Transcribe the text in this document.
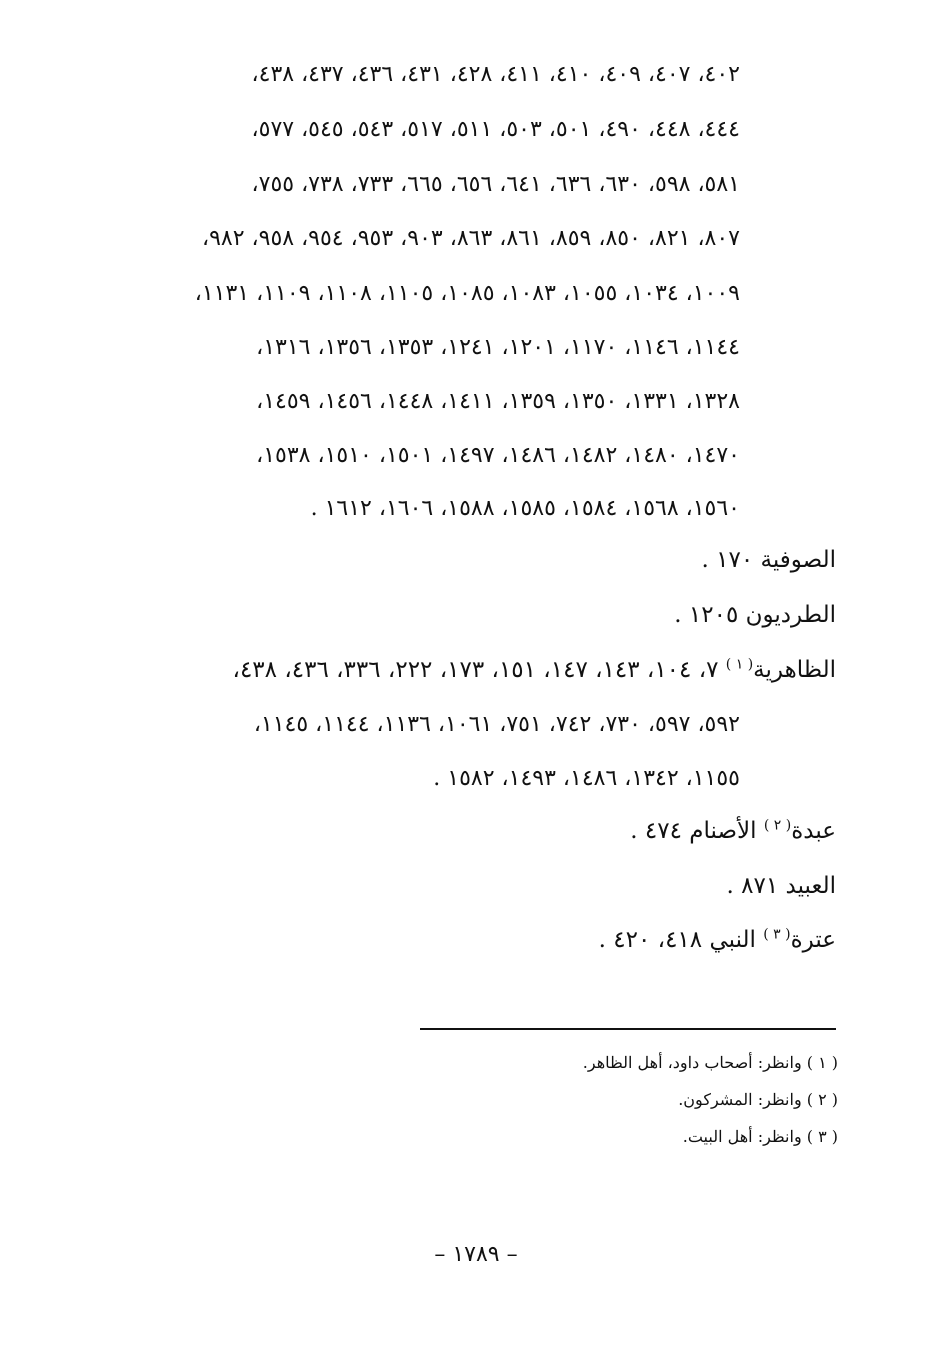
٤٠٢، ٤٠٧، ٤٠٩، ٤١٠، ٤١١، ٤٢٨، ٤٣١، ٤٣٦، ٤٣٧، ٤٣٨،
٤٤٤، ٤٤٨، ٤٩٠، ٥٠١، ٥٠٣، ٥١١، ٥١٧، ٥٤٣، ٥٤٥، ٥٧٧،
٥٨١، ٥٩٨، ٦٣٠، ٦٣٦، ٦٤١، ٦٥٦، ٦٦٥، ٧٣٣، ٧٣٨، ٧٥٥،
٨٠٧، ٨٢١، ٨٥٠، ٨٥٩، ٨٦١، ٨٦٣، ٩٠٣، ٩٥٣، ٩٥٤، ٩٥٨، ٩٨٢،
١٠٠٩، ١٠٣٤، ١٠٥٥، ١٠٨٣، ١٠٨٥، ١١٠٥، ١١٠٨، ١١٠٩، ١١٣١،
١١٤٤، ١١٤٦، ١١٧٠، ١٢٠١، ١٢٤١، ١٣٥٣، ١٣٥٦، ١٣١٦،
١٣٢٨، ١٣٣١، ١٣٥٠، ١٣٥٩، ١٤١١، ١٤٤٨، ١٤٥٦، ١٤٥٩،
١٤٧٠، ١٤٨٠، ١٤٨٢، ١٤٨٦، ١٤٩٧، ١٥٠١، ١٥١٠، ١٥٣٨،
١٥٦٠، ١٥٦٨، ١٥٨٤، ١٥٨٥، ١٥٨٨، ١٦٠٦، ١٦١٢ .
الصوفية ١٧٠ .
الطرديون ١٢٠٥ .
الظاهرية$^{( ١ )}$ ٧، ١٠٤، ١٤٣، ١٤٧، ١٥١، ١٧٣، ٢٢٢، ٣٣٦، ٤٣٦، ٤٣٨،
٥٩٢، ٥٩٧، ٧٣٠، ٧٤٢، ٧٥١، ١٠٦١، ١١٣٦، ١١٤٤، ١١٤٥،
١١٥٥، ١٣٤٢، ١٤٨٦، ١٤٩٣، ١٥٨٢ .
عبدة$^{( ٢ )}$ الأصنام ٤٧٤ .
العبيد ٨٧١ .
عترة$^{( ٣ )}$ النبي ٤١٨، ٤٢٠ .
( ١ ) وانظر: أصحاب داود، أهل الظاهر.
( ٢ ) وانظر: المشركون.
( ٣ ) وانظر: أهل البيت.
– ١٧٨٩ –
